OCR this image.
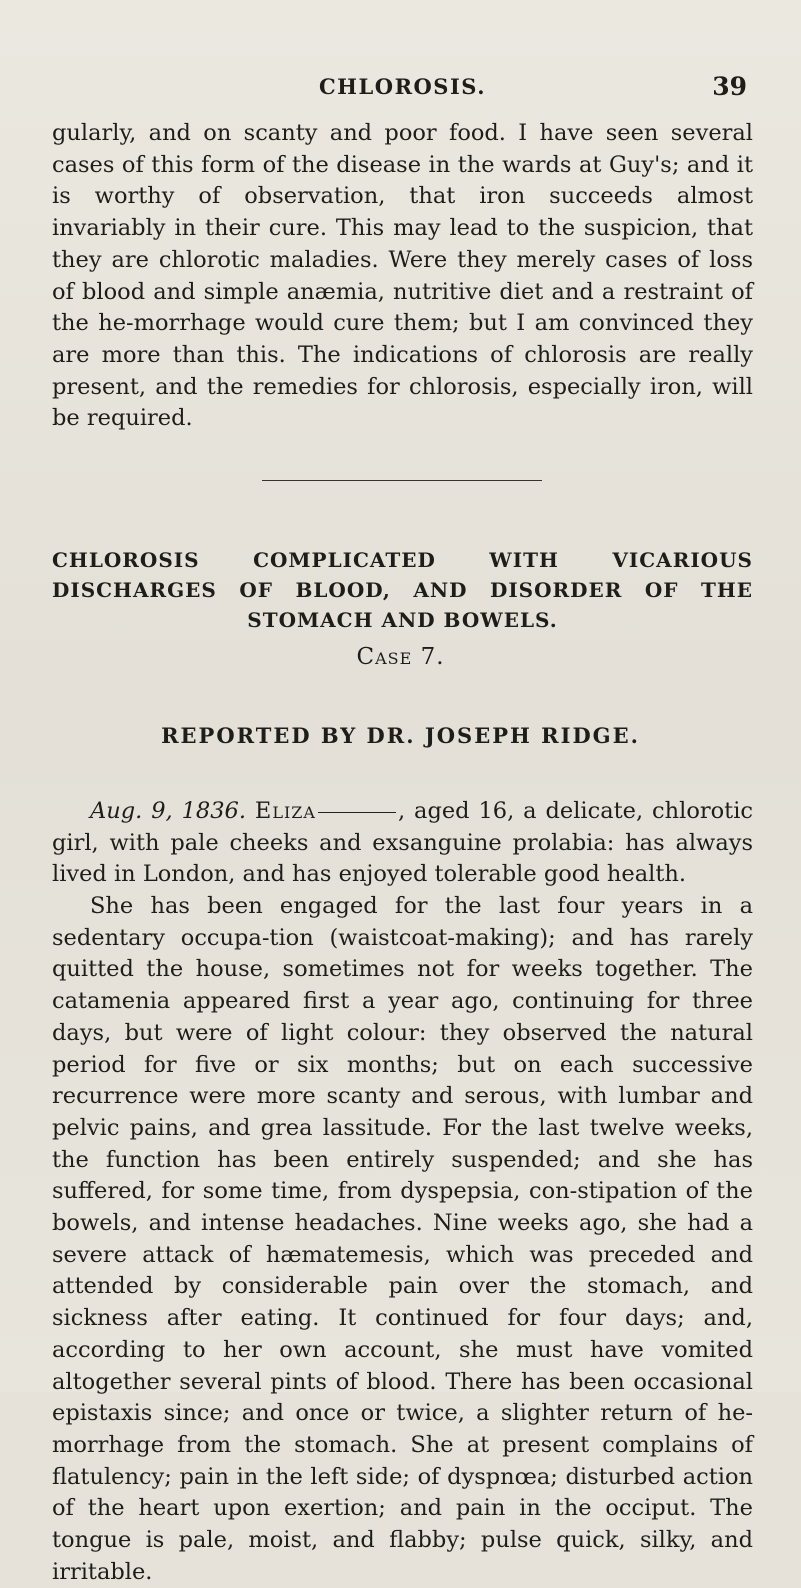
CHLOROSIS.	39

gularly, and on scanty and poor food. I have seen several cases of this form of the disease in the wards at Guy's; and it is worthy of observation, that iron succeeds almost invariably in their cure. This may lead to the suspicion, that they are chlorotic maladies. Were they merely cases of loss of blood and simple anæmia, nutritive diet and a restraint of the he-morrhage would cure them; but I am convinced they are more than this. The indications of chlorosis are really present, and the remedies for chlorosis, especially iron, will be required.

CHLOROSIS COMPLICATED WITH VICARIOUS DISCHARGES OF BLOOD, AND DISORDER OF THE STOMACH AND BOWELS.
Case 7.
REPORTED BY DR. JOSEPH RIDGE.

Aug. 9, 1836. Eliza	, aged 16, a delicate, chlorotic girl, with pale cheeks and exsanguine prolabia: has always lived in London, and has enjoyed tolerable good health.

She has been engaged for the last four years in a sedentary occupa-tion (waistcoat-making); and has rarely quitted the house, sometimes not for weeks together. The catamenia appeared first a year ago, continuing for three days, but were of light colour: they observed the natural period for five or six months; but on each successive recurrence were more scanty and serous, with lumbar and pelvic pains, and grea lassitude. For the last twelve weeks, the function has been entirely suspended; and she has suffered, for some time, from dyspepsia, con-stipation of the bowels, and intense headaches. Nine weeks ago, she had a severe attack of hæmatemesis, which was preceded and attended by considerable pain over the stomach, and sickness after eating. It continued for four days; and, according to her own account, she must have vomited altogether several pints of blood. There has been occasional epistaxis since; and once or twice, a slighter return of he-morrhage from the stomach. She at present complains of flatulency; pain in the left side; of dyspnœa; disturbed action of the heart upon exertion; and pain in the occiput. The tongue is pale, moist, and flabby; pulse quick, silky, and irritable.
